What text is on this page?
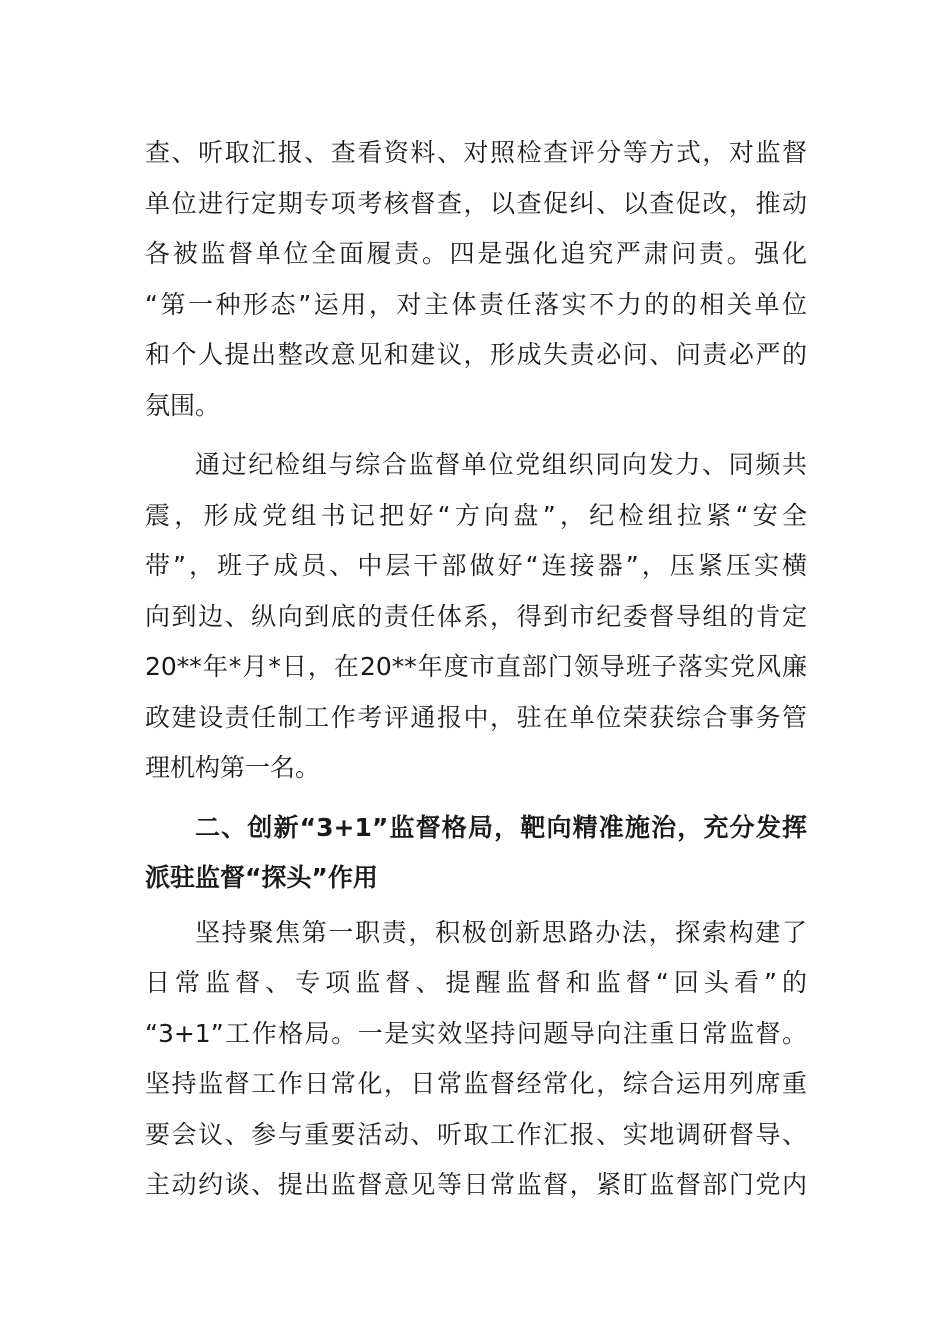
查、听取汇报、查看资料、对照检查评分等方式，对监督
单位进行定期专项考核督查，以查促纠、以查促改，推动
各被监督单位全面履责。四是强化追究严肃问责。强化
“第一种形态”运用，对主体责任落实不力的的相关单位
和个人提出整改意见和建议，形成失责必问、问责必严的
氛围。
通过纪检组与综合监督单位党组织同向发力、同频共
震，形成党组书记把好“方向盘”，纪检组拉紧“安全
带”，班子成员、中层干部做好“连接器”，压紧压实横
向到边、纵向到底的责任体系，得到市纪委督导组的肯定
20**年*月*日，在20**年度市直部门领导班子落实党风廉
政建设责任制工作考评通报中，驻在单位荣获综合事务管
理机构第一名。
二、创新“3+1”监督格局，靶向精准施治，充分发挥
派驻监督“探头”作用
坚持聚焦第一职责，积极创新思路办法，探索构建了
日常监督、专项监督、提醒监督和监督“回头看”的
“3+1”工作格局。一是实效坚持问题导向注重日常监督。
坚持监督工作日常化，日常监督经常化，综合运用列席重
要会议、参与重要活动、听取工作汇报、实地调研督导、
主动约谈、提出监督意见等日常监督，紧盯监督部门党内
